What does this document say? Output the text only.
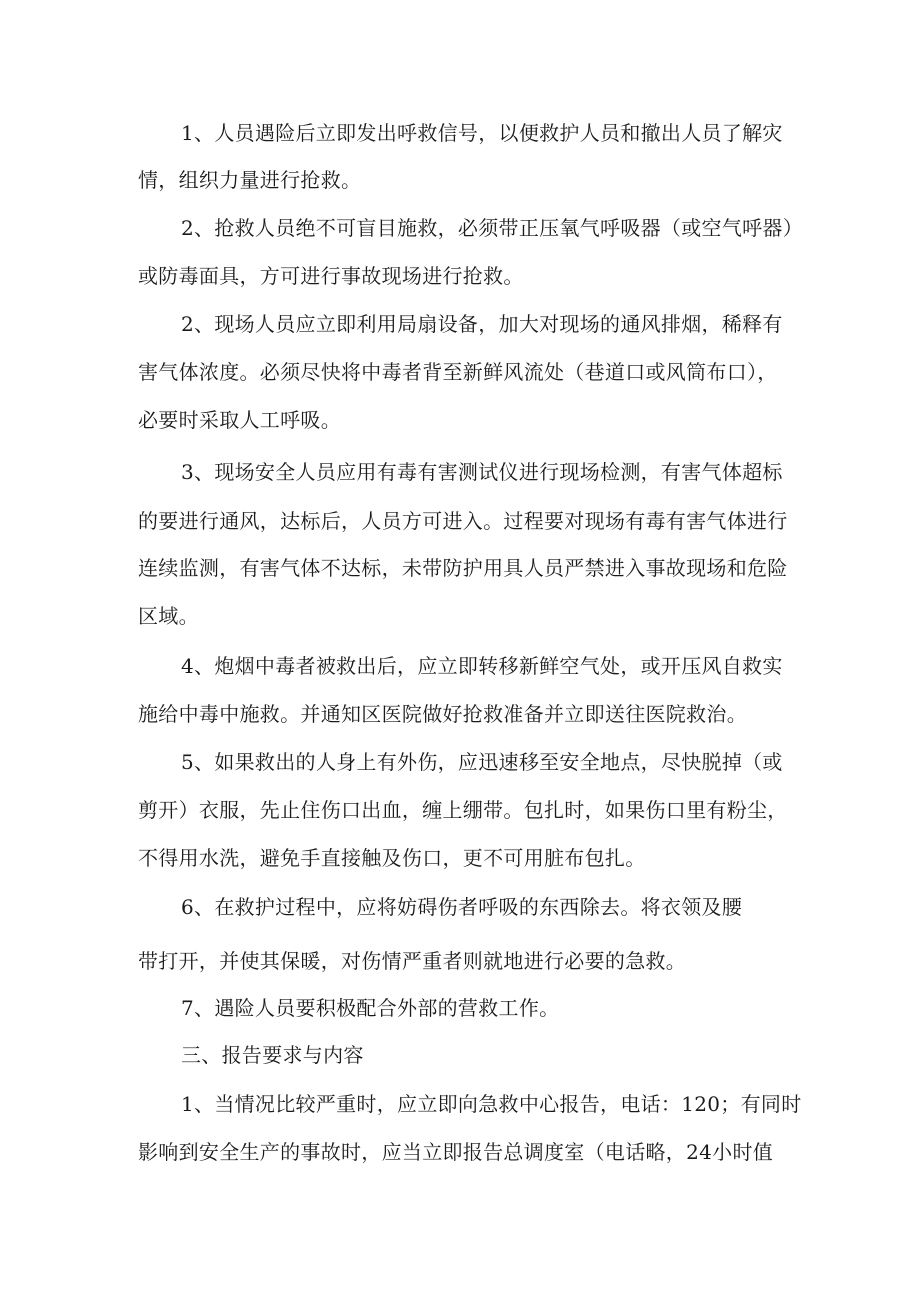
1、人员遇险后立即发出呼救信号，以便救护人员和撤出人员了解灾
情，组织力量进行抢救。
2、抢救人员绝不可盲目施救，必须带正压氧气呼吸器（或空气呼器）
或防毒面具，方可进行事故现场进行抢救。
2、现场人员应立即利用局扇设备，加大对现场的通风排烟，稀释有
害气体浓度。必须尽快将中毒者背至新鲜风流处（巷道口或风筒布口），
必要时采取人工呼吸。
3、现场安全人员应用有毒有害测试仪进行现场检测，有害气体超标
的要进行通风，达标后，人员方可进入。过程要对现场有毒有害气体进行
连续监测，有害气体不达标，未带防护用具人员严禁进入事故现场和危险
区域。
4、炮烟中毒者被救出后，应立即转移新鲜空气处，或开压风自救实
施给中毒中施救。并通知区医院做好抢救准备并立即送往医院救治。
5、如果救出的人身上有外伤，应迅速移至安全地点，尽快脱掉（或
剪开）衣服，先止住伤口出血，缠上绷带。包扎时，如果伤口里有粉尘，
不得用水洗，避免手直接触及伤口，更不可用脏布包扎。
6、在救护过程中，应将妨碍伤者呼吸的东西除去。将衣领及腰
带打开，并使其保暖，对伤情严重者则就地进行必要的急救。
7、遇险人员要积极配合外部的营救工作。
三、报告要求与内容
1、当情况比较严重时，应立即向急救中心报告，电话：120；有同时
影响到安全生产的事故时，应当立即报告总调度室（电话略，24小时值
